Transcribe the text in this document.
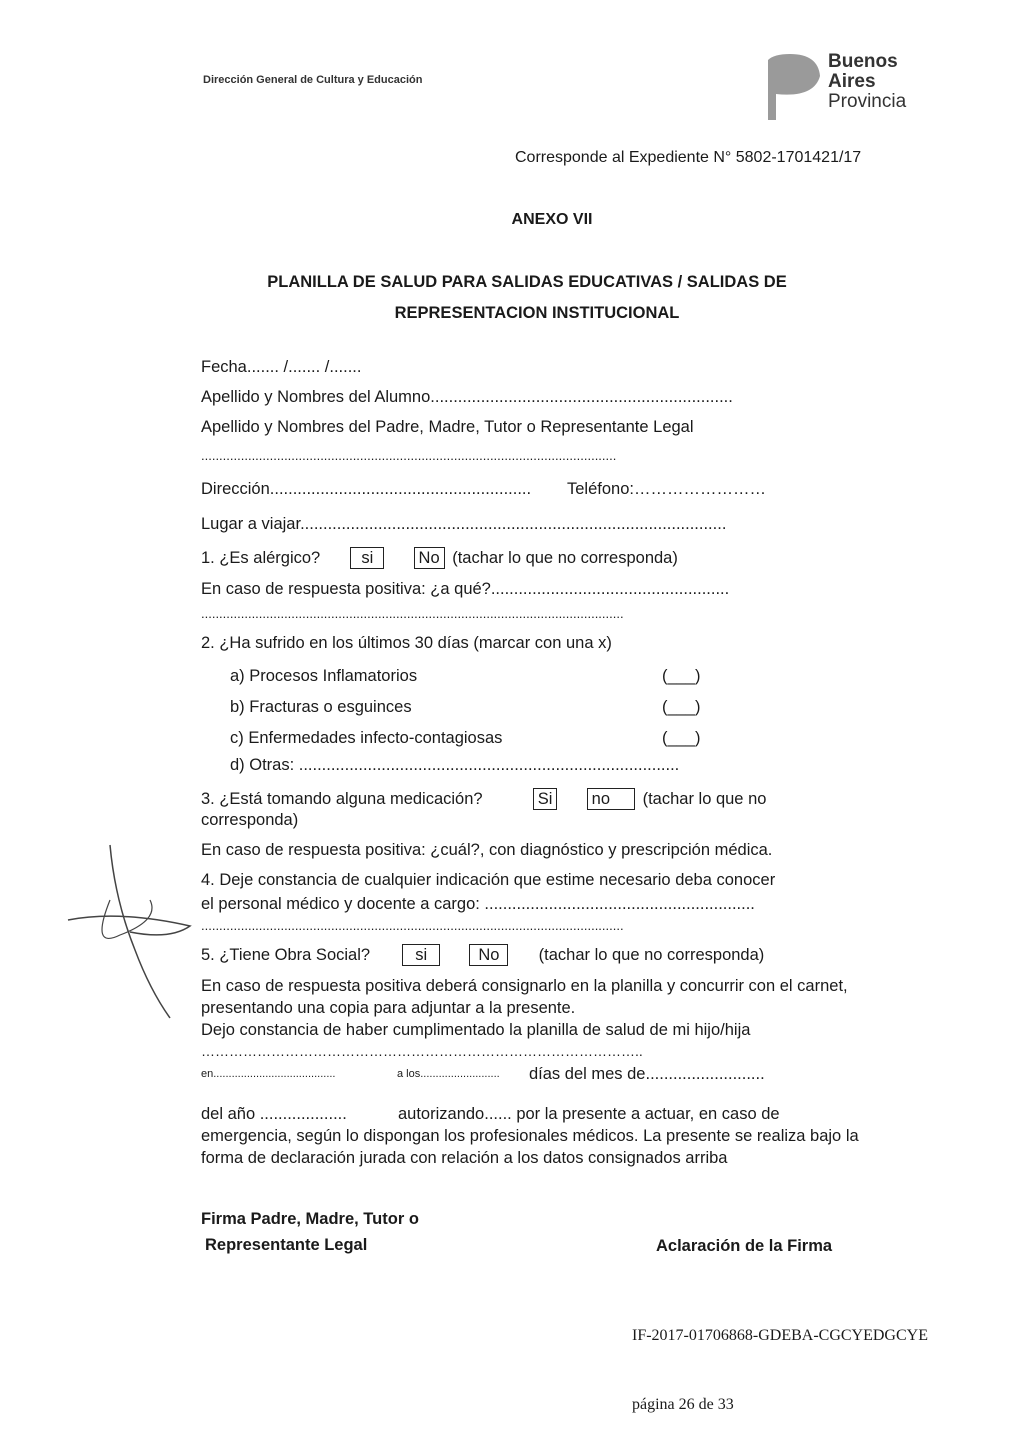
Dirección General de Cultura y Educación
Buenos
Aires
Provincia
Corresponde al Expediente N° 5802-1701421/17
ANEXO VII
PLANILLA DE SALUD PARA SALIDAS EDUCATIVAS / SALIDAS DE
REPRESENTACION INSTITUCIONAL
Fecha....... /....... /.......
Apellido y Nombres del Alumno..................................................................
Apellido y Nombres del Padre, Madre, Tutor o Representante Legal
...................................................................................................................
Dirección......................................................... Teléfono:……………………
Lugar a viajar.............................................................................................
1. ¿Es alérgico? si	No (tachar lo que no corresponda)
En caso de respuesta positiva: ¿a qué?....................................................
.....................................................................................................................
2. ¿Ha sufrido en los últimos 30 días (marcar con una x)
a) Procesos Inflamatorios	(___)
b) Fracturas o esguinces	(___)
c) Enfermedades infecto-contagiosas	(___)
d) Otras: ...................................................................................
3. ¿Está tomando alguna medicación?	Si no (tachar lo que no
corresponda)
En caso de respuesta positiva: ¿cuál?, con diagnóstico y prescripción médica.
4. Deje constancia de cualquier indicación que estime necesario deba conocer
el personal médico y docente a cargo: ...........................................................
.....................................................................................................................
5. ¿Tiene Obra Social?	si	No (tachar lo que no corresponda)
En caso de respuesta positiva deberá consignarlo en la planilla y concurrir con el carnet,
presentando una copia para adjuntar a la presente.
Dejo constancia de haber cumplimentado la planilla de salud de mi hijo/hija
…………………………………………………………………………………..
en........................................	a los.......................... días del mes de..........................
del año ...................	autorizando...... por la presente a actuar, en caso de
emergencia, según lo dispongan los profesionales médicos. La presente se realiza bajo la
forma de declaración jurada con relación a los datos consignados arriba
Firma Padre, Madre, Tutor o
Representante Legal	Aclaración de la Firma
IF-2017-01706868-GDEBA-CGCYEDGCYE
página 26 de 33
